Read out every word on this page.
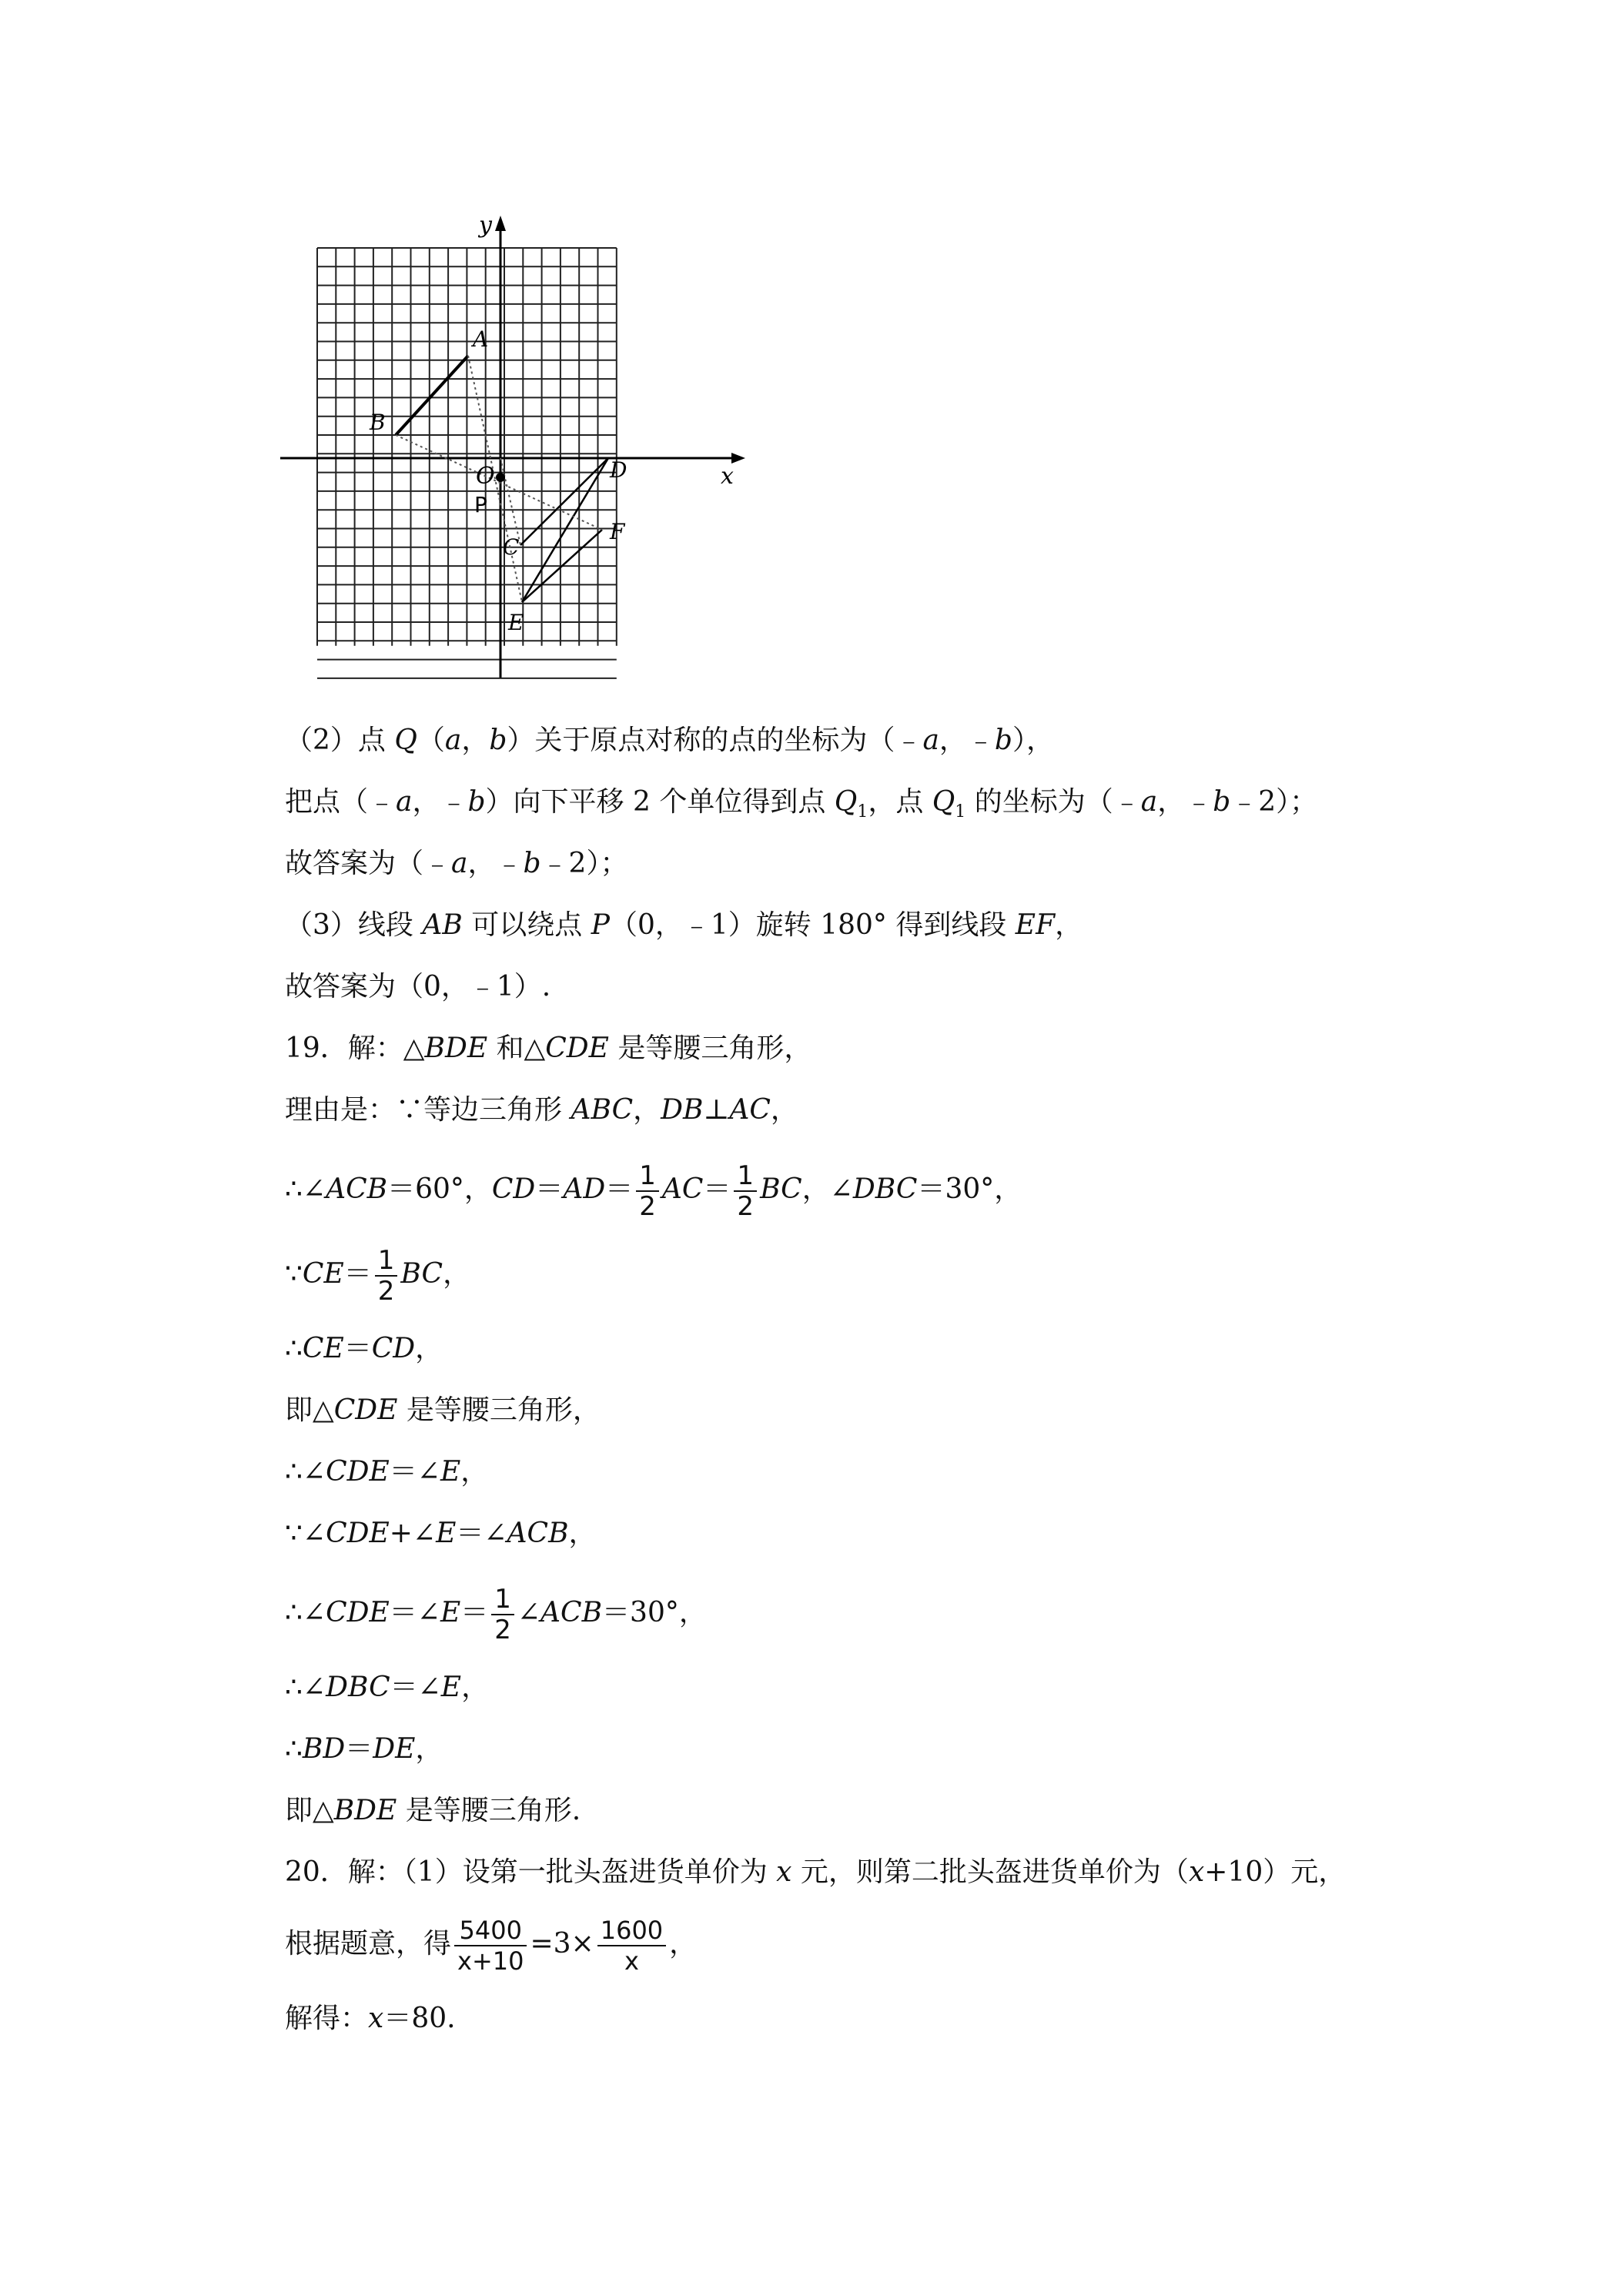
x
y
A
B
O
P
C
D
E
F
（2）点 Q（a，b）关于原点对称的点的坐标为（﹣a，﹣b），
把点（﹣a，﹣b）向下平移 2 个单位得到点 $Q_1$，点 $Q_1$ 的坐标为（﹣a，﹣b﹣2）；
故答案为（﹣a，﹣b﹣2）；
（3）线段 AB 可以绕点 P（0，﹣1）旋转 180° 得到线段 EF，
故答案为（0，﹣1）.
19．解：△BDE 和△CDE 是等腰三角形，
理由是：∵等边三角形 ABC，DB⊥AC，
∴∠ACB＝60°，$CD=AD= \frac{1}{2} AC= \frac{1}{2}$ BC，∠DBC＝30°，
∵CE＝ $\frac{1}{2}$ BC，
∴CE＝CD，
即△CDE 是等腰三角形，
∴∠CDE＝∠E，
∵∠CDE+∠E＝∠ACB，
∴∠CDE＝∠E＝ $\frac{1}{2}$ ∠ACB＝30°，
∴∠DBC＝∠E，
∴BD＝DE，
即△BDE 是等腰三角形.
20．解：（1）设第一批头盔进货单价为 x 元，则第二批头盔进货单价为（x+10）元，
根据题意，得 $\frac{5400}{x+10} =3\times \frac{1600}{x}$ ，
解得：x＝80.
